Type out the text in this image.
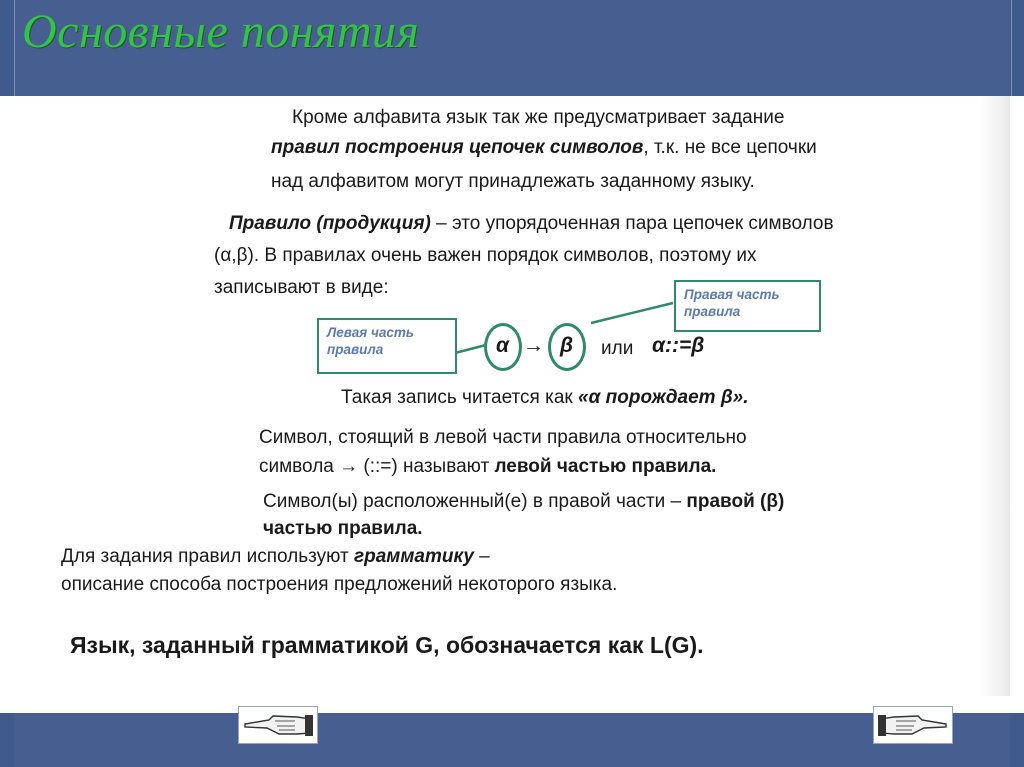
Основные понятия
Кроме алфавита язык так же предусматривает задание
правил построения цепочек символов, т.к. не все цепочки
над алфавитом могут принадлежать заданному языку.
Правило (продукция) – это упорядоченная пара цепочек символов
(α,β). В правилах очень важен порядок символов, поэтому их
записывают в виде:
Левая часть
правила
Правая часть
правила
α → β или α::=β
Такая запись читается как «α порождает β».
Символ, стоящий в левой части правила относительно
символа → (::=) называют левой частью правила.
Символ(ы) расположенный(е) в правой части – правой (β)
частью правила.
Для задания правил используют грамматику –
описание способа построения предложений некоторого языка.
Язык, заданный грамматикой G, обозначается как L(G).
